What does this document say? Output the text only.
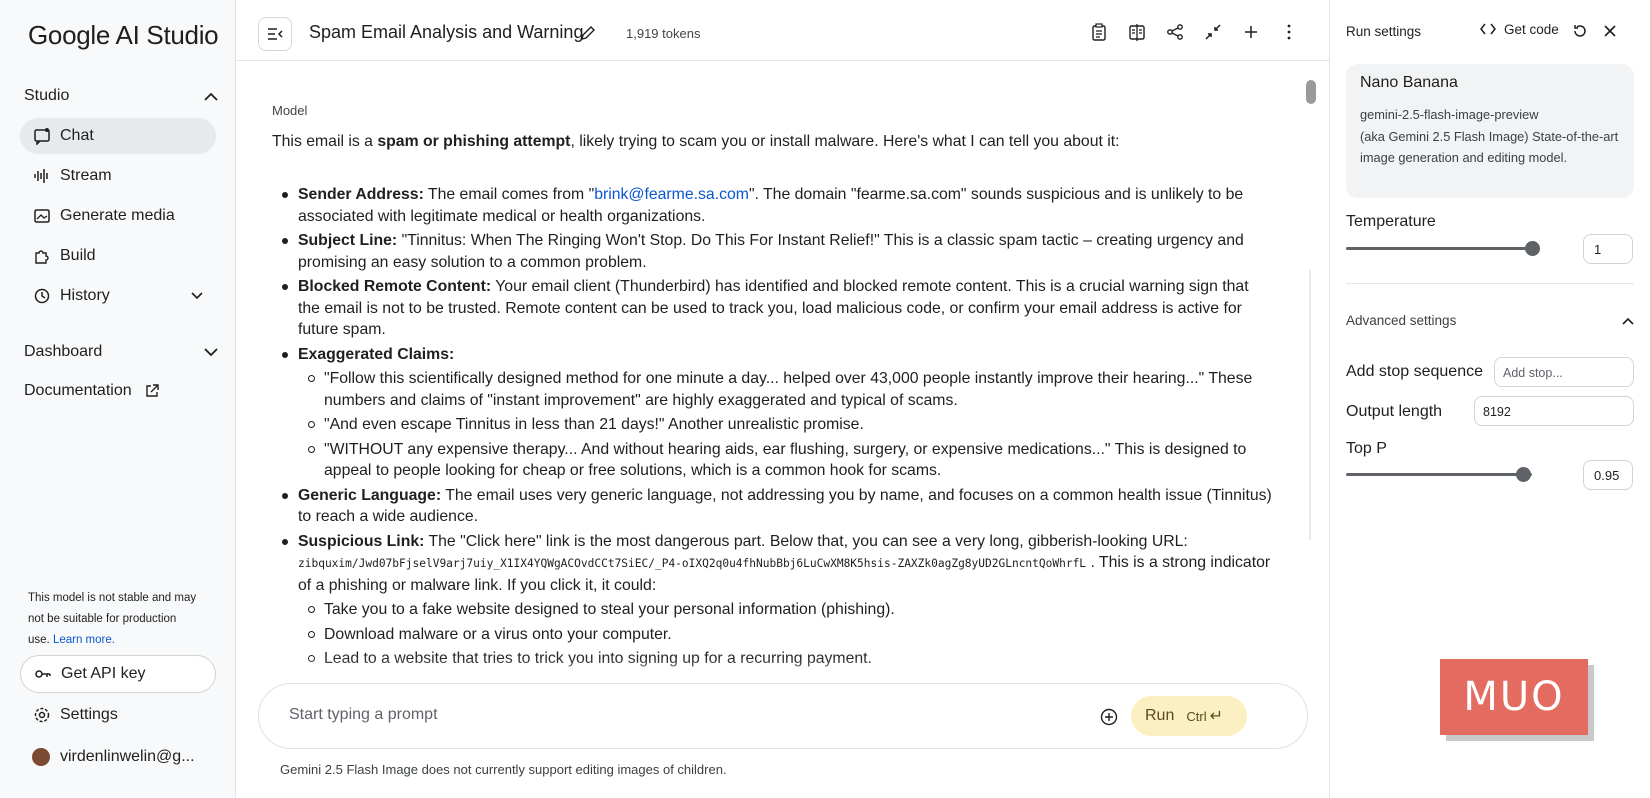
Google AI Studio
Studio
Chat
Stream
Generate media
Build
History
Dashboard
Documentation
This model is not stable and may not be suitable for production use. Learn more.
Get API key
Settings
virdenlinwelin@g...
Spam Email Analysis and Warning	1,919 tokens
Model

This email is a spam or phishing attempt, likely trying to scam you or install malware. Here's what I can tell you about it:

Sender Address: The email comes from "brink@fearme.sa.com". The domain "fearme.sa.com" sounds suspicious and is unlikely to be associated with legitimate medical or health organizations.
Subject Line: "Tinnitus: When The Ringing Won't Stop. Do This For Instant Relief!" This is a classic spam tactic – creating urgency and promising an easy solution to a common problem.
Blocked Remote Content: Your email client (Thunderbird) has identified and blocked remote content. This is a crucial warning sign that the email is not to be trusted. Remote content can be used to track you, load malicious code, or confirm your email address is active for future spam.
Exaggerated Claims:
"Follow this scientifically designed method for one minute a day... helped over 43,000 people instantly improve their hearing..." These numbers and claims of "instant improvement" are highly exaggerated and typical of scams.
"And even escape Tinnitus in less than 21 days!" Another unrealistic promise.
"WITHOUT any expensive therapy... And without hearing aids, ear flushing, surgery, or expensive medications..." This is designed to appeal to people looking for cheap or free solutions, which is a common hook for scams.
Generic Language: The email uses very generic language, not addressing you by name, and focuses on a common health issue (Tinnitus) to reach a wide audience.
Suspicious Link: The "Click here" link is the most dangerous part. Below that, you can see a very long, gibberish-looking URL:
zibquxim/Jwd07bFjselV9arj7uiy_X1IX4YQWgACOvdCCt7SiEC/_P4-oIXQ2q0u4fhNubBbj6LuCwXM8K5hsis-ZAXZk0agZg8yUD2GLncntQoWhrfL . This is a strong indicator of a phishing or malware link. If you click it, it could:
Take you to a fake website designed to steal your personal information (phishing).
Download malware or a virus onto your computer.
Lead to a website that tries to trick you into signing up for a recurring payment.
Start typing a prompt
Run Ctrl ↵
Gemini 2.5 Flash Image does not currently support editing images of children.
Run settings	Get code
Nano Banana
gemini-2.5-flash-image-preview
(aka Gemini 2.5 Flash Image) State-of-the-art image generation and editing model.
Temperature
1
Advanced settings
Add stop sequence	Add stop...
Output length	8192
Top P
0.95
MUO
